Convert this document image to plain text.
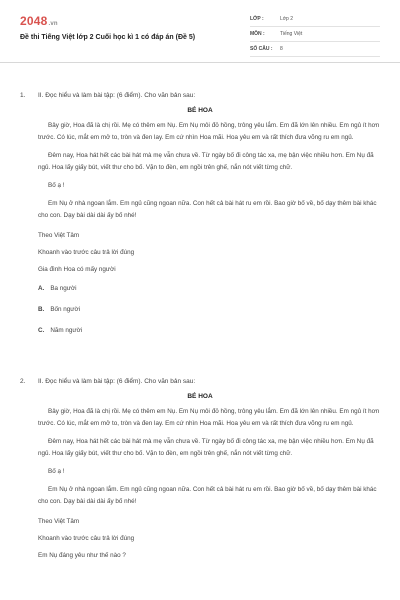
2048.vn
Đề thi Tiếng Việt lớp 2 Cuối học kì 1 có đáp án (Đề 5)
LỚP :	Lớp 2
MÔN :	Tiếng Việt
SỐ CÂU :	8
1.	II. Đọc hiểu và làm bài tập: (6 điểm). Cho văn bản sau:
BÉ HOA
Bây giờ, Hoa đã là chị rồi. Mẹ có thêm em Nụ. Em Nụ môi đỏ hồng, trông yêu lắm. Em đã lớn lên nhiều. Em ngủ ít hơn trước. Có lúc, mắt em mở to, tròn và đen lay. Em cứ nhìn Hoa mãi. Hoa yêu em và rất thích đưa võng ru em ngủ.
Đêm nay, Hoa hát hết các bài hát mà mẹ vẫn chưa về. Từ ngày bố đi công tác xa, mẹ bận việc nhiều hơn. Em Nụ đã ngủ. Hoa lấy giấy bút, viết thư cho bố. Vặn to đèn, em ngồi trên ghế, nắn nót viết từng chữ.
Bố ạ !
Em Nụ ở nhà ngoan lắm. Em ngủ cũng ngoan nữa. Con hết cả bài hát ru em rồi. Bao giờ bố về, bố dạy thêm bài khác cho con. Dạy bài dài dài ấy bố nhé!
Theo Việt Tâm
Khoanh vào trước câu trả lời đúng
Gia đình Hoa có mấy người
A. Ba người
B. Bốn người
C. Năm người
2.	II. Đọc hiểu và làm bài tập: (6 điểm). Cho văn bản sau:
BÉ HOA
Bây giờ, Hoa đã là chị rồi. Mẹ có thêm em Nụ. Em Nụ môi đỏ hồng, trông yêu lắm. Em đã lớn lên nhiều. Em ngủ ít hơn trước. Có lúc, mắt em mở to, tròn và đen lay. Em cứ nhìn Hoa mãi. Hoa yêu em và rất thích đưa võng ru em ngủ.
Đêm nay, Hoa hát hết các bài hát mà mẹ vẫn chưa về. Từ ngày bố đi công tác xa, mẹ bận việc nhiều hơn. Em Nụ đã ngủ. Hoa lấy giấy bút, viết thư cho bố. Vặn to đèn, em ngồi trên ghế, nắn nót viết từng chữ.
Bố ạ !
Em Nụ ở nhà ngoan lắm. Em ngủ cũng ngoan nữa. Con hết cả bài hát ru em rồi. Bao giờ bố về, bố dạy thêm bài khác cho con. Dạy bài dài dài ấy bố nhé!
Theo Việt Tâm
Khoanh vào trước câu trả lời đúng
Em Nụ đáng yêu như thế nào ?
